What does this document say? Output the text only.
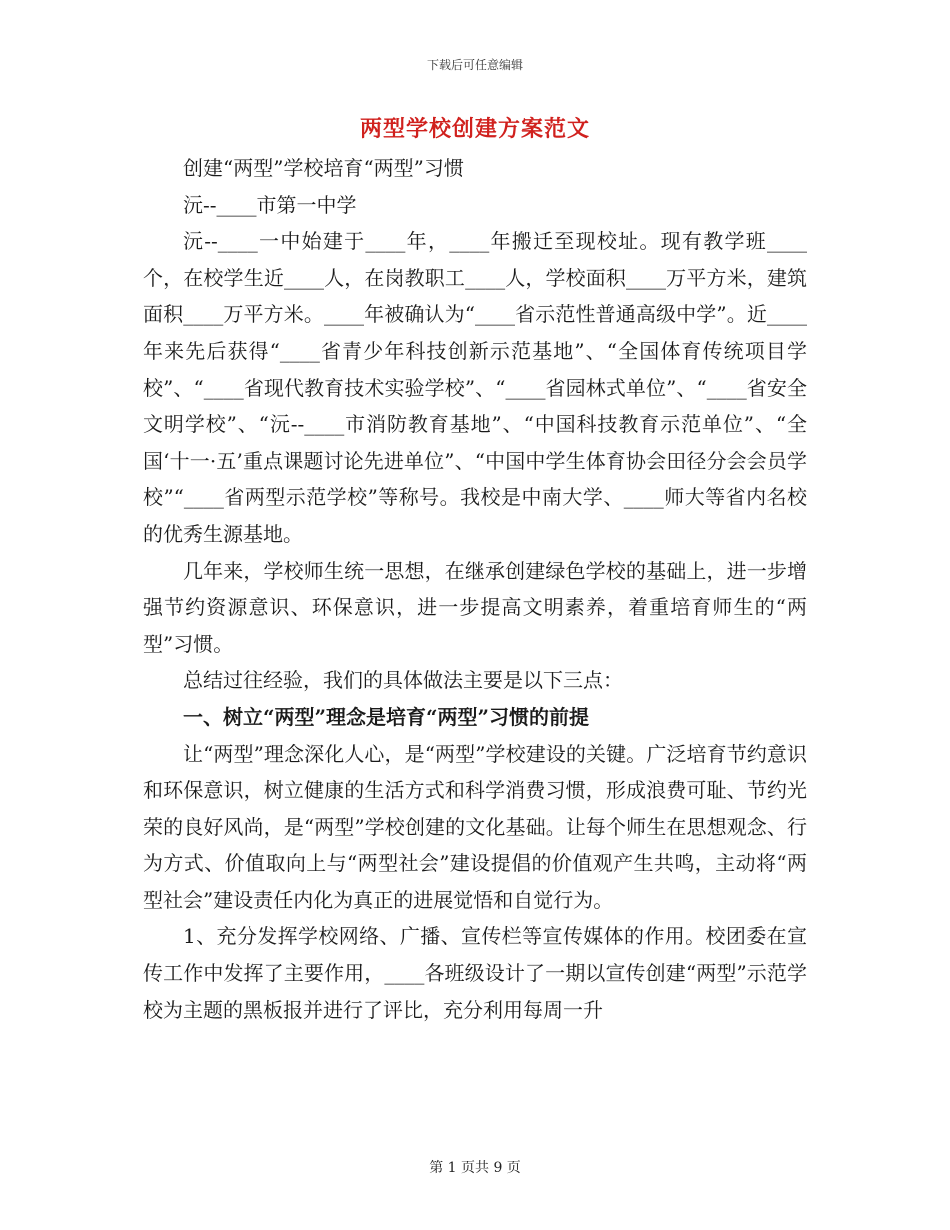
下载后可任意编辑
两型学校创建方案范文

创建“两型”学校培育“两型”习惯

沅--____市第一中学

沅--____一中始建于____年，____年搬迁至现校址。现有教学班____个，在校学生近____人，在岗教职工____人，学校面积____万平方米，建筑面积____万平方米。____年被确认为“____省示范性普通高级中学”。近____年来先后获得“____省青少年科技创新示范基地”、“全国体育传统项目学校”、“____省现代教育技术实验学校”、“____省园林式单位”、“____省安全文明学校”、“沅--____市消防教育基地”、“中国科技教育示范单位”、“全国‘十一·五’重点课题讨论先进单位”、“中国中学生体育协会田径分会会员学校”“____省两型示范学校”等称号。我校是中南大学、____师大等省内名校的优秀生源基地。

几年来，学校师生统一思想，在继承创建绿色学校的基础上，进一步增强节约资源意识、环保意识，进一步提高文明素养，着重培育师生的“两型”习惯。

总结过往经验，我们的具体做法主要是以下三点：

一、树立“两型”理念是培育“两型”习惯的前提

让“两型”理念深化人心，是“两型”学校建设的关键。广泛培育节约意识和环保意识，树立健康的生活方式和科学消费习惯，形成浪费可耻、节约光荣的良好风尚，是“两型”学校创建的文化基础。让每个师生在思想观念、行为方式、价值取向上与“两型社会”建设提倡的价值观产生共鸣，主动将“两型社会”建设责任内化为真正的进展觉悟和自觉行为。

1、充分发挥学校网络、广播、宣传栏等宣传媒体的作用。校团委在宣传工作中发挥了主要作用，____各班级设计了一期以宣传创建“两型”示范学校为主题的黑板报并进行了评比，充分利用每周一升

第 1 页共 9 页
